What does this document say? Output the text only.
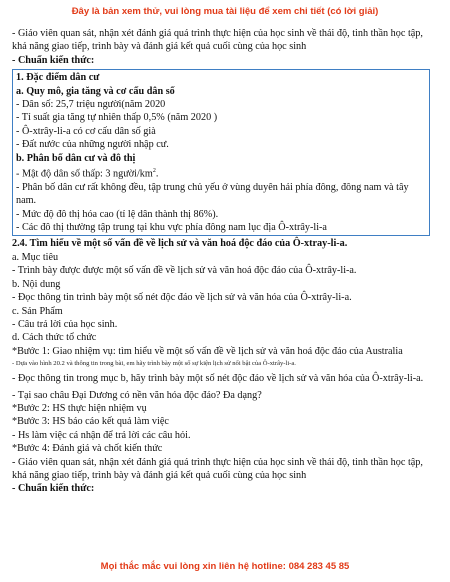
Đây là bản xem thử, vui lòng mua tài liệu để xem chi tiết (có lời giải)

- Giáo viên quan sát, nhận xét đánh giá quá trình thực hiện của học sinh về thái độ, tinh thần học tập, khả năng giao tiếp, trình bày và đánh giá kết quả cuối cùng của học sinh

- Chuẩn kiến thức:

1. Đặc điểm dân cư

a. Quy mô, gia tăng và cơ cấu dân số

- Dân số: 25,7 triệu người(năm 2020

- Tỉ suất gia tăng tự nhiên thấp 0,5% (năm 2020 )

- Ô-xtrây-li-a có cơ cấu dân số già

- Đất nước của những người nhập cư.

b. Phân bố dân cư và đô thị

- Mật độ dân số thấp: 3 người/$km^2$.

- Phân bố dân cư rất không đều, tập trung chủ yếu ở vùng duyên hải phía đông, đông nam và tây nam.

- Mức độ đô thị hóa cao (tỉ lệ dân thành thị 86%).

- Các đô thị thường tập trung tại khu vực phía đông nam lục địa Ô-xtrây-li-a

2.4. Tìm hiểu về một số vấn đề về lịch sử và văn hoá độc đáo của Ô-xtray-li-a.

a. Mục tiêu

- Trình bày được được một số vấn đề về lịch sử và văn hoá độc đáo của Ô-xtrây-li-a.

b. Nội dung

- Đọc thông tin trình bày một số nét độc đáo về lịch sử và văn hóa của Ô-xtrây-li-a.

c. Sản Phẩm

- Câu trả lời của học sinh.

d. Cách thức tổ chức

*Bước 1: Giao nhiệm vụ: tìm hiểu về một số vấn đề về lịch sử và văn hoá độc đáo của Australia

- Dựa vào hình 20.2 và thông tin trong bài, em hãy trình bày một số sự kiện lịch sử nổi bật của Ô-xtrây-li-a.

- Đọc thông tin trong mục b, hãy trình bày một số nét độc đáo về lịch sử và văn hóa của Ô-xtrây-li-a.

- Tại sao châu Đại Dương có nền văn hóa độc đáo? Đa dạng?

*Bước 2: HS thực hiện nhiệm vụ

*Bước 3: HS báo cáo kết quả làm việc

- Hs làm việc cá nhận để trả lời các câu hỏi.

*Bước 4: Đánh giá và chốt kiến thức

- Giáo viên quan sát, nhận xét đánh giá quá trình thực hiện của học sinh về thái độ, tinh thần học tập, khả năng giao tiếp, trình bày và đánh giá kết quả cuối cùng của học sinh

- Chuẩn kiến thức:

Mọi thắc mắc vui lòng xin liên hệ hotline: 084 283 45 85
